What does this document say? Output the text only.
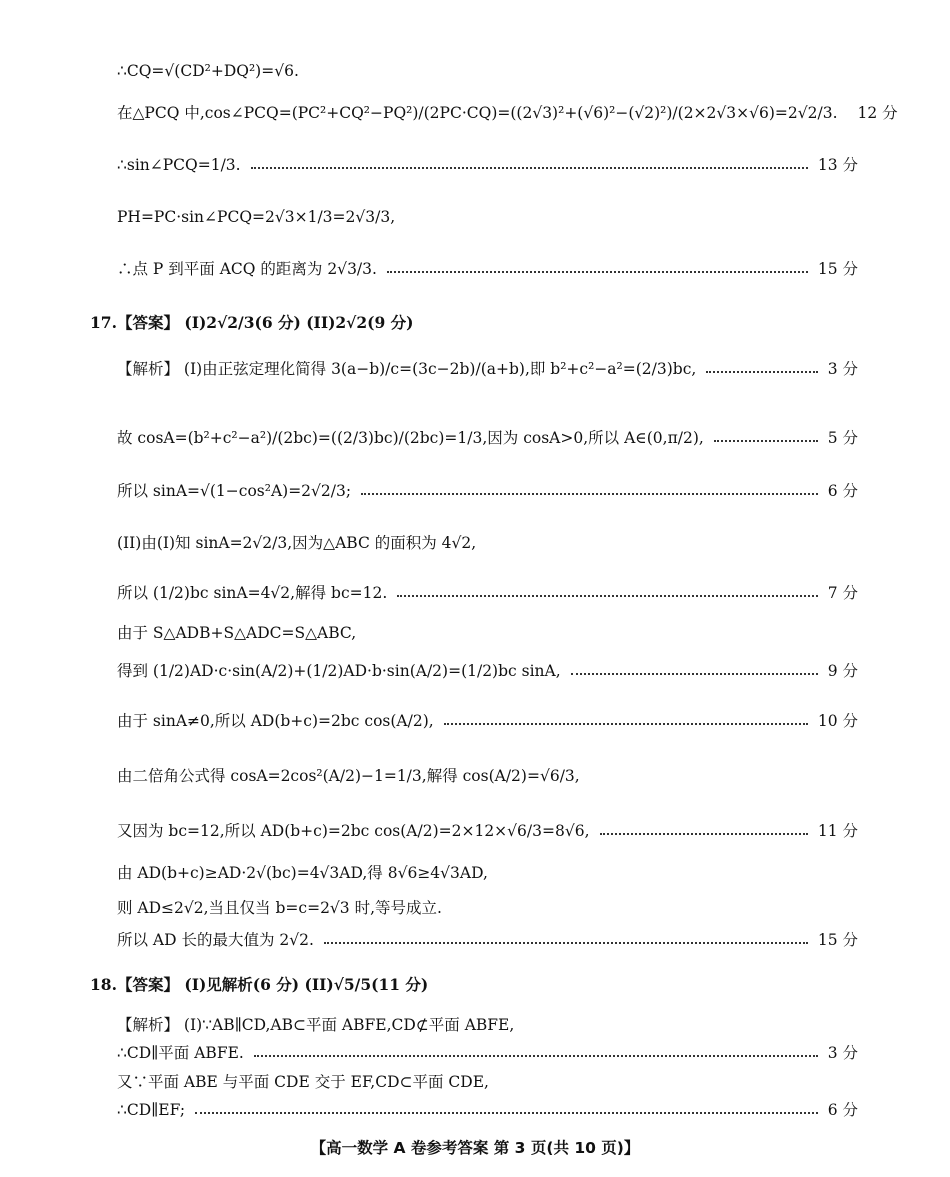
∴CQ=√(CD²+DQ²)=√6.
在△PCQ 中,cos∠PCQ=(PC²+CQ²−PQ²)/(2PC·CQ)=((2√3)²+(√6)²−(√2)²)/(2×2√3×√6)=2√2/3. 12 分
∴sin∠PCQ=1/3.	13 分
PH=PC·sin∠PCQ=2√3×1/3=2√3/3,
∴点 P 到平面 ACQ 的距离为 2√3/3.	15 分
17.【答案】 (I)2√2/3(6 分) (II)2√2(9 分)
【解析】 (I)由正弦定理化简得 3(a−b)/c=(3c−2b)/(a+b),即 b²+c²−a²=(2/3)bc,	3 分
故 cosA=(b²+c²−a²)/(2bc)=((2/3)bc)/(2bc)=1/3,因为 cosA>0,所以 A∈(0,π/2),	5 分
所以 sinA=√(1−cos²A)=2√2/3;	6 分
(II)由(I)知 sinA=2√2/3,因为△ABC 的面积为 4√2,
所以 (1/2)bc sinA=4√2,解得 bc=12.	7 分
由于 S△ADB+S△ADC=S△ABC,
得到 (1/2)AD·c·sin(A/2)+(1/2)AD·b·sin(A/2)=(1/2)bc sinA,	9 分
由于 sinA≠0,所以 AD(b+c)=2bc cos(A/2),	10 分
由二倍角公式得 cosA=2cos²(A/2)−1=1/3,解得 cos(A/2)=√6/3,
又因为 bc=12,所以 AD(b+c)=2bc cos(A/2)=2×12×√6/3=8√6,	11 分
由 AD(b+c)≥AD·2√(bc)=4√3AD,得 8√6≥4√3AD,
则 AD≤2√2,当且仅当 b=c=2√3 时,等号成立.
所以 AD 长的最大值为 2√2.	15 分
18.【答案】 (I)见解析(6 分) (II)√5/5(11 分)
【解析】 (I)∵AB∥CD,AB⊂平面 ABFE,CD⊄平面 ABFE,
∴CD∥平面 ABFE.	3 分
又∵平面 ABE 与平面 CDE 交于 EF,CD⊂平面 CDE,
∴CD∥EF;	6 分
【高一数学 A 卷参考答案 第 3 页(共 10 页)】
